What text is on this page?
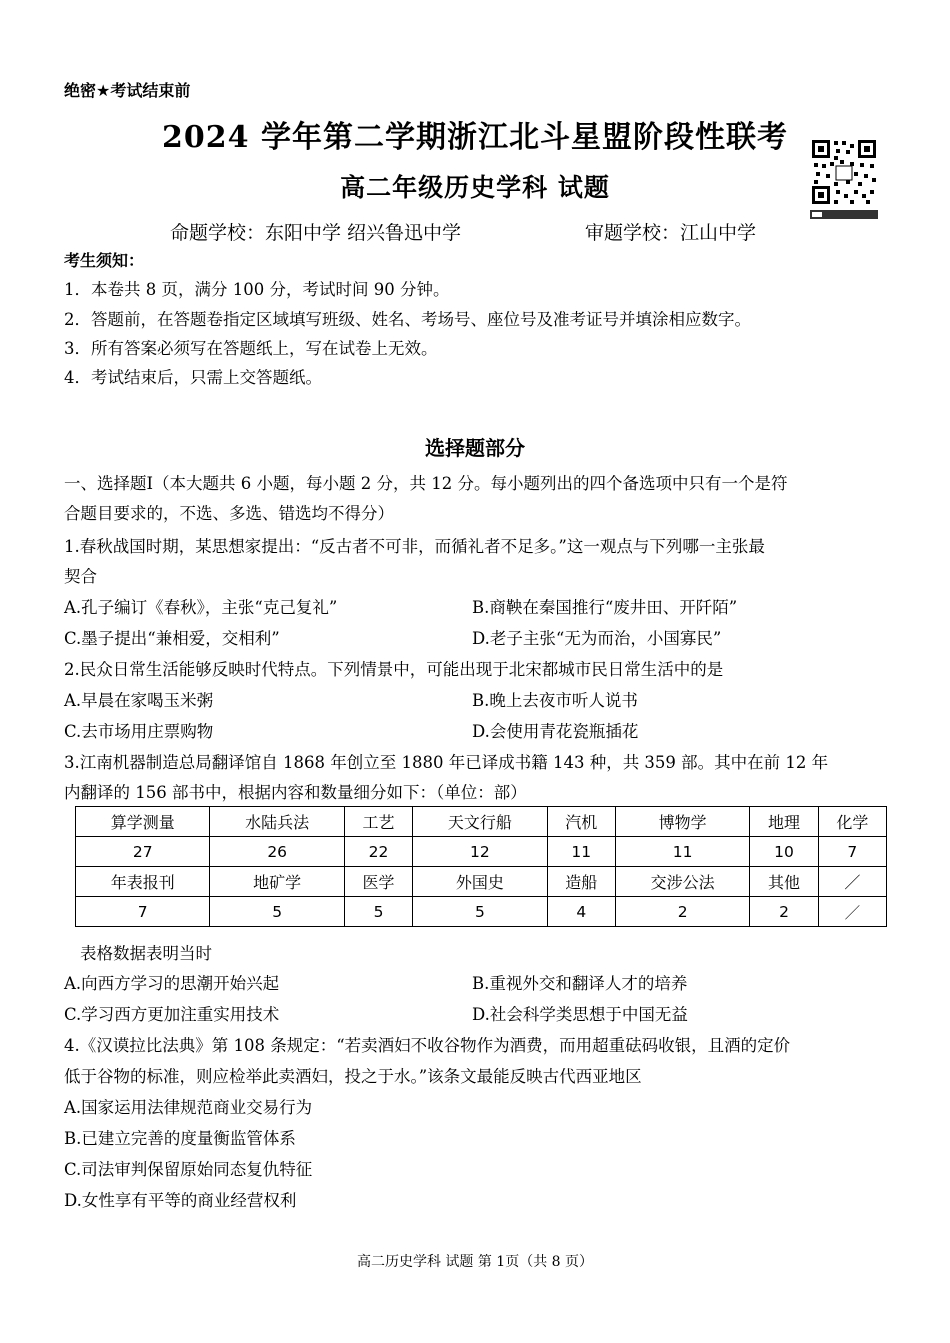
绝密★考试结束前
2024 学年第二学期浙江北斗星盟阶段性联考
高二年级历史学科 试题
命题学校：东阳中学 绍兴鲁迅中学	审题学校：江山中学
考生须知：
1．本卷共 8 页，满分 100 分，考试时间 90 分钟。
2．答题前，在答题卷指定区域填写班级、姓名、考场号、座位号及准考证号并填涂相应数字。
3．所有答案必须写在答题纸上，写在试卷上无效。
4．考试结束后，只需上交答题纸。
选择题部分
一、选择题Ⅰ（本大题共 6 小题，每小题 2 分，共 12 分。每小题列出的四个备选项中只有一个是符
合题目要求的，不选、多选、错选均不得分）
1.春秋战国时期，某思想家提出：“反古者不可非，而循礼者不足多。”这一观点与下列哪一主张最
契合
A.孔子编订《春秋》，主张“克己复礼”	B.商鞅在秦国推行“废井田、开阡陌”
C.墨子提出“兼相爱，交相利”	D.老子主张“无为而治，小国寡民”
2.民众日常生活能够反映时代特点。下列情景中，可能出现于北宋都城市民日常生活中的是
A.早晨在家喝玉米粥	B.晚上去夜市听人说书
C.去市场用庄票购物	D.会使用青花瓷瓶插花
3.江南机器制造总局翻译馆自 1868 年创立至 1880 年已译成书籍 143 种，共 359 部。其中在前 12 年
内翻译的 156 部书中，根据内容和数量细分如下：（单位：部）
算学测量	水陆兵法	工艺	天文行船	汽机	博物学	地理	化学
27	26	22	12	11	11	10	7
年表报刊	地矿学	医学	外国史	造船	交涉公法	其他	／
7	5	5	5	4	2	2	／
表格数据表明当时
A.向西方学习的思潮开始兴起	B.重视外交和翻译人才的培养
C.学习西方更加注重实用技术	D.社会科学类思想于中国无益
4.《汉谟拉比法典》第 108 条规定：“若卖酒妇不收谷物作为酒费，而用超重砝码收银，且酒的定价
低于谷物的标准，则应检举此卖酒妇，投之于水。”该条文最能反映古代西亚地区
A.国家运用法律规范商业交易行为
B.已建立完善的度量衡监管体系
C.司法审判保留原始同态复仇特征
D.女性享有平等的商业经营权利
高二历史学科 试题 第 1页（共 8 页）
